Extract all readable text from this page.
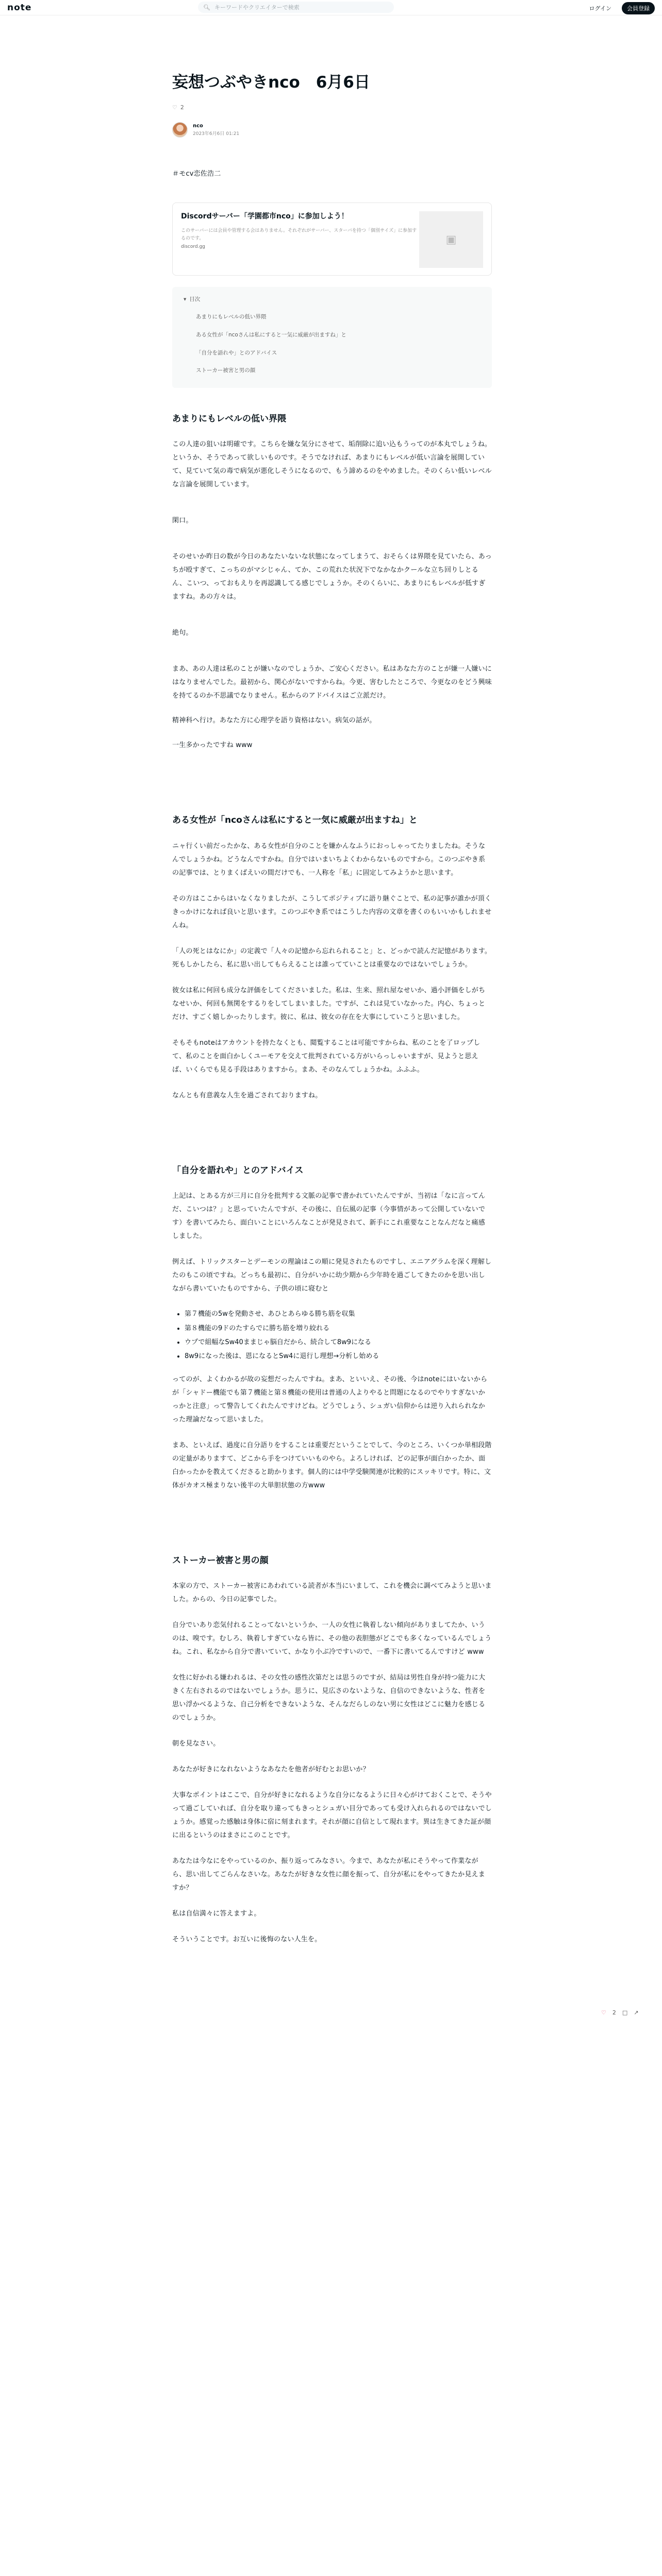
note	🔍︎ キーワードやクリエイターで検索	ログイン	会員登録
妄想つぶやきnco　6月6日
♡ 2
nco
2023年6月6日 01:21

＃モcv恋佐浩二

Discordサーバー「学園都市nco」に参加しよう！
このサーバーには会員や管理する会はありません。それぞれがサーバー、スターバを持つ「個別サイズ」に参加するのです。
discord.gg
▣
▾ 目次
あまりにもレベルの低い界隈
ある女性が「ncoさんは私にすると一気に威厳が出ますね」と
「自分を語れや」とのアドバイス
ストーカー被害と男の顔
あまりにもレベルの低い界隈

この人達の狙いは明確です。こちらを嫌な気分にさせて、垢削除に追い込もうってのが本丸でしょうね。というか、そうであって欲しいものです。そうでなければ、あまりにもレベルが低い言論を展開していて、見ていて気の毒で病気が悪化しそうになるので、もう諦めるのをやめました。そのくらい低いレベルな言論を展開しています。

閑口。

そのせいか昨日の数が今日のあなたいないな状態になってしまうて、おそらくは界隈を見ていたら、あっちが殴すぎて、こっちのがマシじゃん、てか、この荒れた状況下でなかなかクールな立ち回りしとるん、こいつ、っておもえりを再認識してる感じでしょうか。そのくらいに、あまりにもレベルが低すぎますね。あの方々は。

絶句。

まあ、あの人達は私のことが嫌いなのでしょうか、ご安心ください。私はあなた方のことが嫌一人嫌いにはなりませんでした。最初から、関心がないですからね。今更、害むしたところで、今更なのをどう興味を持てるのか不思議でなりません。私からのアドバイスはご立派だけ。

精神科へ行け。あなた方に心理学を語り資格はない。病気の話が。

一生多かったですね www

ある女性が「ncoさんは私にすると一気に威厳が出ますね」と

ニャ行くい前だったかな、ある女性が自分のことを嫌かんなふうにおっしゃってたりましたね。そうなんでしょうかね。どうなんですかね。自分ではいまいちよくわからないものですから。このつぶやき系の記事では、とりまくばえいの間だけでも、一人称を「私」に固定してみようかと思います。

その方はここからはいなくなりましたが、こうしてポジティブに語り継ぐことで、私の記事が誰かが頂くきっかけになれば良いと思います。このつぶやき系ではこうした内容の文章を書くのもいいかもしれませんね。

「人の死とはなにか」の定義で「人々の記憶から忘れられること」と、どっかで読んだ記憶があります。死もしかしたら、私に思い出してもらえることは誰ってていことは重要なのではないでしょうか。

彼女は私に何回も成分な評価をしてくださいました。私は、生来、照れ屋なせいか、過小評価をしがちなせいか、何回も無関をするりをしてしまいました。ですが、これは見ていなかった。内心、ちょっとだけ、すごく嬉しかったりします。彼に、私は、彼女の存在を大事にしていこうと思いました。

そもそもnoteはアカウントを持たなくとも、閲覧することは可能ですからね、私のことを了ロップして、私のことを面白かしくユーモアを交えて批判されている方がいらっしゃいますが、見ようと思えば、いくらでも見る手段はありますから。まあ、そのなんてしょうかね。ふふふ。

なんとも有意義な人生を過ごされておりますね。

「自分を語れや」とのアドバイス

上記は、とある方が三月に自分を批判する文脈の記事で書かれていたんですが、当初は「なに言ってんだ、こいつは？」と思っていたんですが、その後に、自伝風の記事（今事情があって公開していないです）を書いてみたら、面白いことにいろんなことが発見されて、新手にこれ重要なことなんだなと痛感しました。

例えば、トリックスターとデーモンの理論はこの順に発見されたものですし、エニアグラムを深く理解したのもこの頃ですね。どっちも最初に、自分がいかに幼少期から少年時を過ごしてきたのかを思い出しながら書いていたものですから、子供の頃に寝むと

• 第７機能の5wを発動させ、あひとあらゆる勝ち筋を収集
• 第８機能の9ドのたすらでに勝ち筋を増り絞れる
• ウプで組幅なSw40ままじゃ脳自だから、続合して8w9になる
• 8w9になった後は、恩になるとSw4に退行し理想→分析し始める

ってのが、よくわかるが故の妄想だったんですね。まあ、といいえ、その後、今はnoteにはいないからが「シャドー機能でも第７機能と第８機能の使用は普通の人よりやると問題になるのでやりすぎないかっかと注意」って警告してくれたんですけどね。どうでしょう、シュガい信仰からは逆り入れられなかった理論だなって思いました。

まあ、といえば、過度に自分語りをすることは重要だということでして、今のところ、いくつか単相段階の定量がありますて、どこから手をつけていいものやら。よろしければ、どの記事が面白かったか、面白かったかを教えてくださると助かります。個人的には中学受験関連が比較的にスッキリです。特に、文体がカオス極まりない後半の大単胆状態の方www

ストーカー被害と男の顔

本家の方で、ストーカー被害にあわれている読者が本当にいまして、これを機会に調べてみようと思いました。からの、今日の記事でした。

自分でいあり恋気付れることってないというか、一人の女性に執着しない傾向がありましてたか、いうのは、嗅です。むしろ、執着しすぎていなら皆に、その他の表胆態がどこでも多くなっているんでしょうね。これ、私なから自分で書いていて、かなり小ぶ冷ですいので、一番下に書いてるんですけど www

女性に好かれる嫌われるは、その女性の感性次第だとは思うのですが、結局は男性自身が持つ能力に大きく左右されるのではないでしょうか。思うに、見広さのないような、自信のできないような、性者を思い浮かべるような、自己分析をできないような、そんなだらしのない男に女性はどこに魅力を感じるのでしょうか。

朝を見なさい。

あなたが好きになれないようなあなたを他者が好むとお思いか？

大事なポイントはここで、自分が好きになれるような自分になるように日々心がけておくことで、そうやって過ごしていれば、自分を取り違ってもきっとシュガい目分であっても受け入れられるのではないでしょうか。感覚った感触は身体に宿に刻まれます。それが顔に自信として現れます。異は生きてきた証が顔に出るというのはまさにこのことです。

あなたは今なにをやっているのか、振り返ってみなさい。今まで、あなたが私にそうやって作業ながら、思い出してごらんなさいな。あなたが好きな女性に顔を振って、自分が私にをやってきたか見えますか？

私は自信満々に答えますよ。

そういうことです。お互いに後悔のない人生を。

♡ 2 □ ↗
